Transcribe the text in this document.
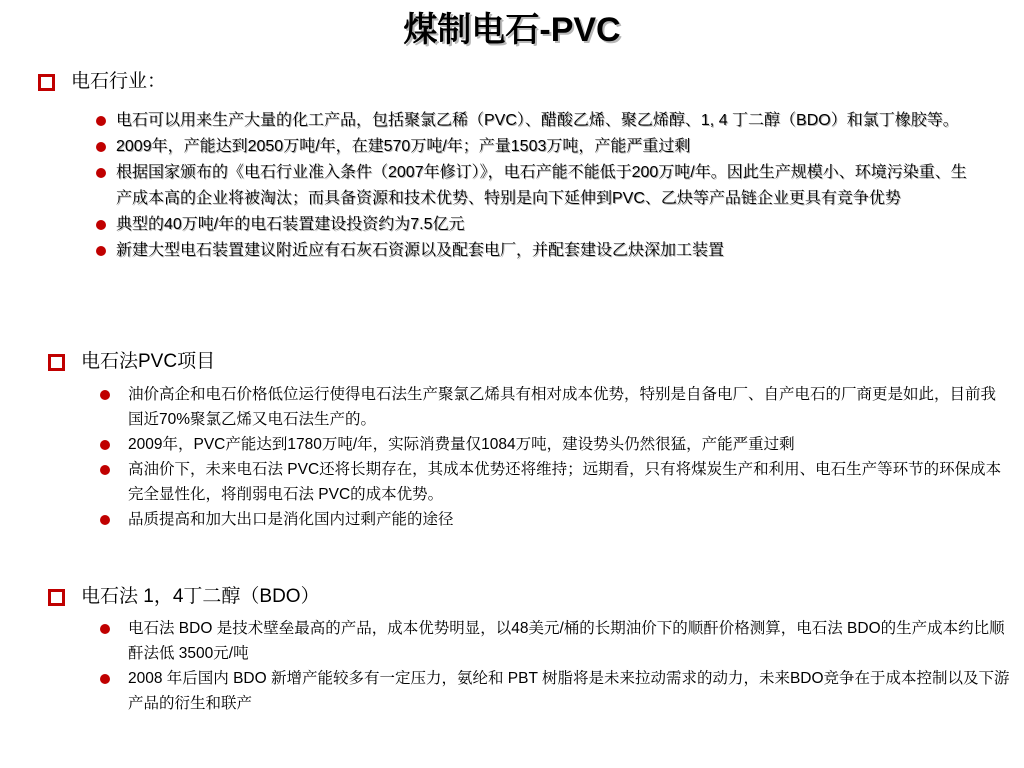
煤制电石-PVC
电石行业：
电石可以用来生产大量的化工产品，包括聚氯乙稀（PVC）、醋酸乙烯、聚乙烯醇、1, 4 丁二醇（BDO）和氯丁橡胶等。
2009年，产能达到2050万吨/年，在建570万吨/年；产量1503万吨，产能严重过剩
根据国家颁布的《电石行业准入条件（2007年修订）》，电石产能不能低于200万吨/年。因此生产规模小、环境污染重、生产成本高的企业将被淘汰；而具备资源和技术优势、特别是向下延伸到PVC、乙炔等产品链企业更具有竞争优势
典型的40万吨/年的电石装置建设投资约为7.5亿元
新建大型电石装置建议附近应有石灰石资源以及配套电厂，并配套建设乙炔深加工装置
电石法PVC项目
油价高企和电石价格低位运行使得电石法生产聚氯乙烯具有相对成本优势，特别是自备电厂、自产电石的厂商更是如此，目前我国近70%聚氯乙烯又电石法生产的。
2009年，PVC产能达到1780万吨/年，实际消费量仅1084万吨，建设势头仍然很猛，产能严重过剩
高油价下，未来电石法 PVC还将长期存在，其成本优势还将维持；远期看，只有将煤炭生产和利用、电石生产等环节的环保成本完全显性化，将削弱电石法 PVC的成本优势。
品质提高和加大出口是消化国内过剩产能的途径
电石法 1，4丁二醇（BDO）
电石法 BDO 是技术壁垒最高的产品，成本优势明显，以48美元/桶的长期油价下的顺酐价格测算，电石法 BDO的生产成本约比顺酐法低 3500元/吨
2008 年后国内 BDO 新增产能较多有一定压力，氨纶和 PBT 树脂将是未来拉动需求的动力，未来BDO竞争在于成本控制以及下游产品的衍生和联产
